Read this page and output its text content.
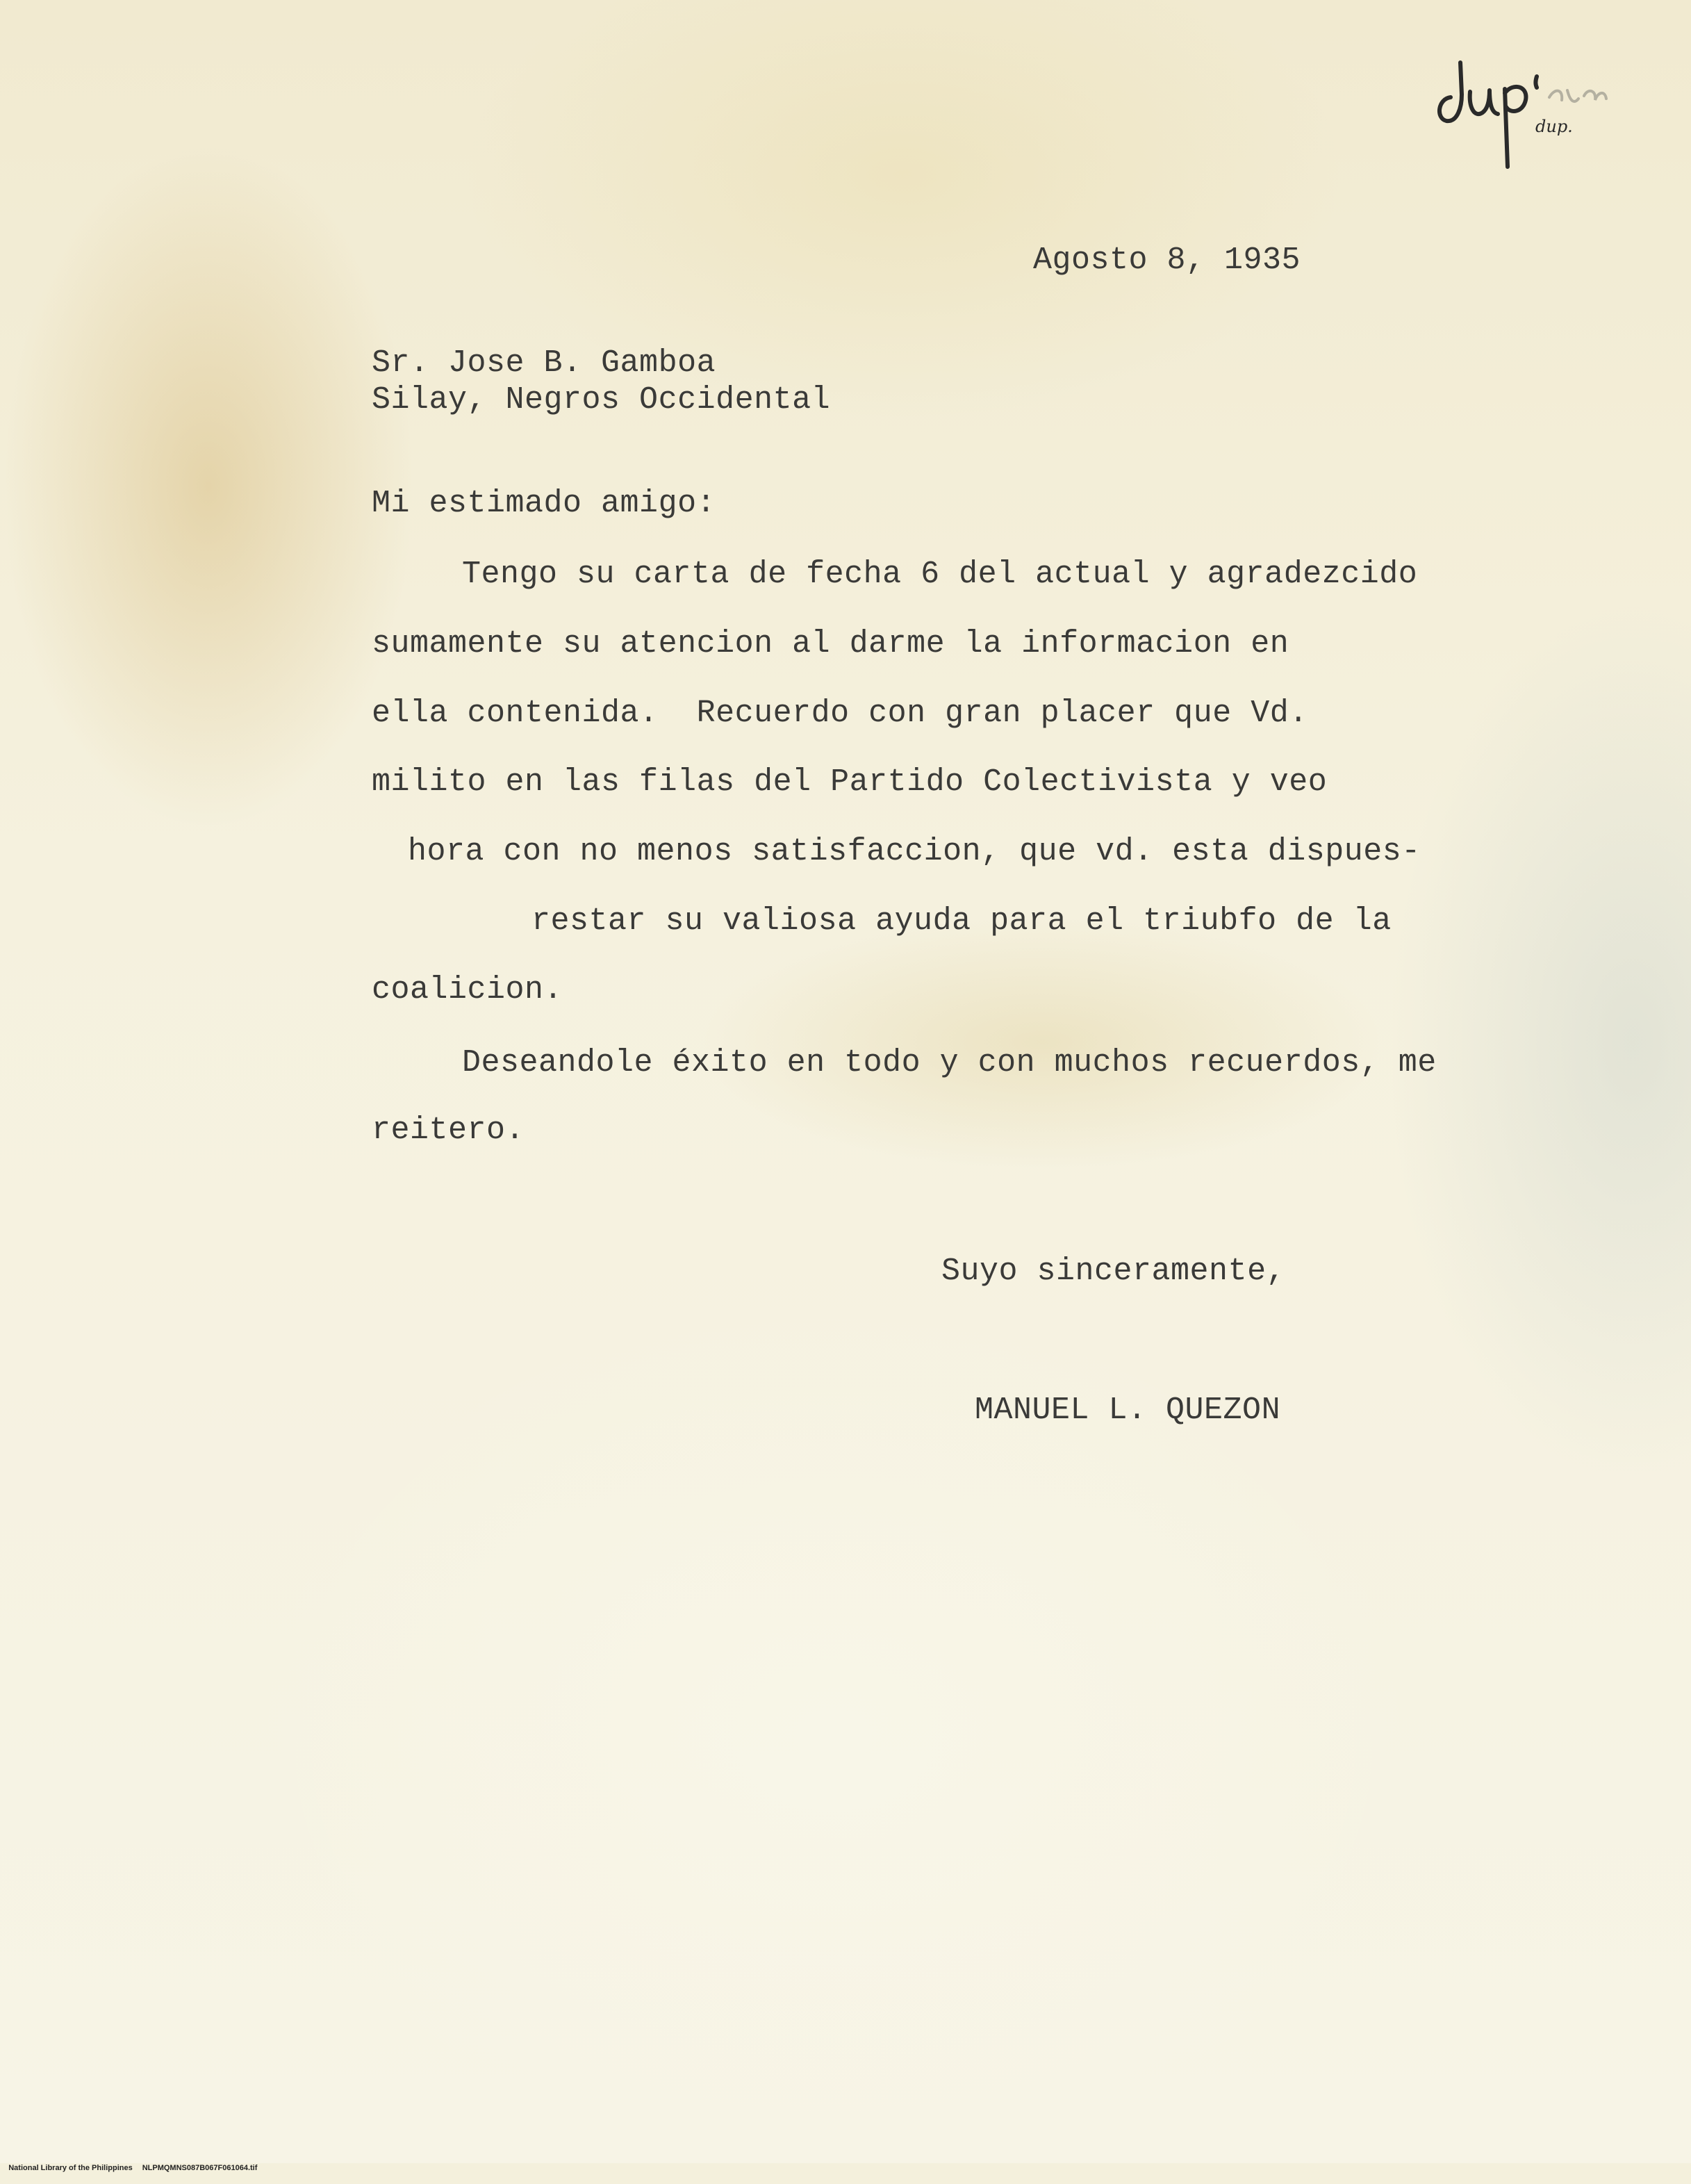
dup.

Agosto 8, 1935

Sr. Jose B. Gamboa

Silay, Negros Occidental

Mi estimado amigo:

Tengo su carta de fecha 6 del actual y agradezcido

sumamente su atencion al darme la informacion en

ella contenida.  Recuerdo con gran placer que Vd.

milito en las filas del Partido Colectivista y veo

hora con no menos satisfaccion, que vd. esta dispues-

restar su valiosa ayuda para el triubfo de la

coalicion.

Deseandole éxito en todo y con muchos recuerdos, me

reitero.

Suyo sinceramente,

MANUEL L. QUEZON

National Library of the Philippines NLPMQMNS087B067F061064.tif
